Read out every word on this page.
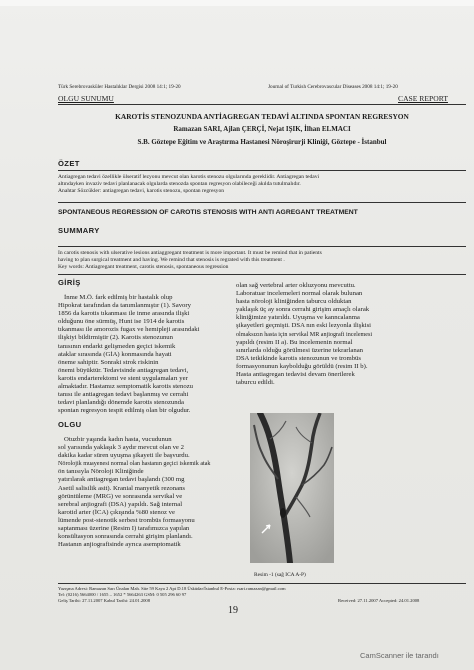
Türk Serebrovasküler Hastalıklar Dergisi 2008 14:1; 19-20	Journal of Turkish Cerebrovascular Diseases 2008 14:1; 19-20
OLGU SUNUMU	CASE REPORT
KAROTİS STENOZUNDA ANTİAGREGAN TEDAVİ ALTINDA SPONTAN REGRESYON
Ramazan SARI, Ajlan ÇERÇİ, Nejat IŞIK, İlhan ELMACI
S.B. Göztepe Eğitim ve Araştırma Hastanesi Nöroşirurji Kliniği, Göztepe - İstanbul
ÖZET
Antiagregan tedavi özellikle ülseratif lezyonu mevcut olan karotis stenozu olgularında gereklidir. Antiagregan tedavi
altındayken invaziv tedavi planlanacak olgularda stenozda spontan regresyon olabileceği akılda tutulmalıdır.
Anahtar Sözcükler: antiagregan tedavi, karotis stenozu, spontan regresyon
SPONTANEOUS REGRESSION OF CAROTIS STENOSIS WITH ANTI AGREGANT TREATMENT
SUMMARY
In carotis stenosis with ulserative lesions antiaggregant treatment is more important. It must be remind that in patients
having to plan surgical treatment and having. We remind that stenosis is regrated with this treatment .
Key words: Antiagregant treatment, carotis stenosis, spontaneous regression
GİRİŞ
İnme M.Ö. fark edilmiş bir hastalık olup
Hipokrat tarafından da tanımlanmıştır (1). Savory
1856 da karotis tıkanması ile inme arasında ilişki
olduğunu öne sürmüş, Hunt ise 1914 de karotis
tıkanması ile amorozis fugax ve hemipleji arasındaki
ilişkiyi bildirmiştir (2). Karotis stenozunun
tanısının endarkt gelişmeden geçici iskemik
ataklar sırasında (GİA) konmasında hayati
öneme sahiptir. Sonraki strok riskinin
önemi büyüktür. Tedavisinde antiagregan tedavi,
karotis endarterektomi ve stent uygulamaları yer
almaktadır. Hastamız semptomatik karotis stenozu
tanısı ile antiagregan tedavi başlanmış ve cerrahi
tedavi planlandığı dönemde karotis stenozunda
spontan regresyon tespit edilmiş olan bir olgudur.
OLGU
Otuzbir yaşında kadın hasta, vucudunun
sol yarısında yaklaşık 3 aydır mevcut olan ve 2
dakika kadar süren uyuşma şikayeti ile başvurdu.
Nörolojik muayenesi normal olan hastanın geçici iskemik atak
ön tanısıyla Nöroloji Kliniğinde
yatırılarak antiagregan tedavi başlandı (300 mg
Asetil salisilik asit). Kranial manyetik rezonans
görüntüleme (MRG) ve sonrasında servikal ve
serebral anjiografi (DSA) yapıldı. Sağ internal
karotid arter (İCA) çıkışında %80 stenoz ve
lümende post-stenotik serbest trombüs formasyonu
saptanması üzerine (Resim I) tarafımızca yapılan
konsültasyon sonrasında cerrahi girişim planlandı.
Hastanın anjiografisinde ayrıca asemptomatik
olan sağ vertebral arter okluzyonu mevcuttu.
Laboratuar incelemeleri normal olarak bulunan
hasta nöroloji kliniğinden taburcu olduktan
yaklaşık üç ay sonra cerrahi girişim amaçlı olarak
kliniğimize yatırıldı. Uyuşma ve kanncalanma
şikayetleri geçmişti. DSA nın eski lezyonla ilişkisi
olmaksızın hasta için servikal MR anjiografi incelemesi
yapıldı (resim II a). Bu incelemenin normal
sınırlarda olduğu görülmesi üzerine tekrarlanan
DSA tetkikinde karotis stenozunun ve trombüs
formasyonunun kaybolduğu görüldü (resim II b).
Hasta antiagregan tedavisi devam önerilerek
taburcu edildi.
Resim -1 (sağ ICA A-P)
Yazışma Adresi: Ramazan Sarı Ünalan Mah. Site 59 Kaya 2 Apt D.18 Üsküdar/İstanbul E-Posta: rsari.ramazan@gmail.com
Tel: (0216) 5664000 / 1655 – 1652 * 5664263 GSM: 0 505 296 60 97
Geliş Tarihi: 27.11.2007 Kabul Tarihi: 24.01.2008	Received: 27.11.2007 Accepted: 24.01.2008
19
CamScanner ile tarandı
